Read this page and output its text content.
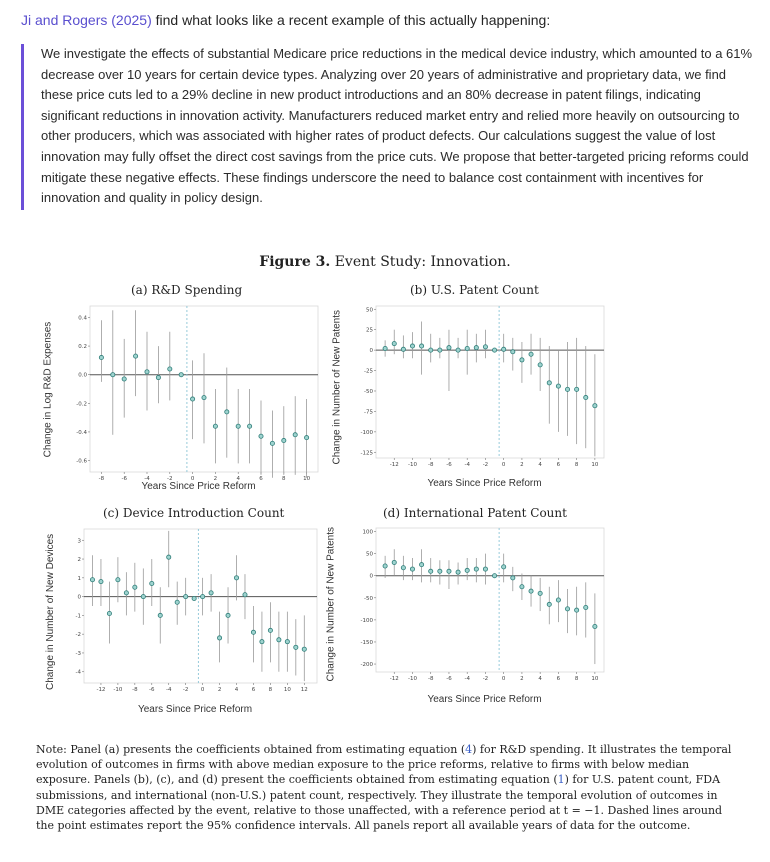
Ji and Rogers (2025) find what looks like a recent example of this actually happening:

We investigate the effects of substantial Medicare price reductions in the medical device industry, which amounted to a 61% decrease over 10 years for certain device types. Analyzing over 20 years of administrative and proprietary data, we find these price cuts led to a 29% decline in new product introductions and an 80% decrease in patent filings, indicating significant reductions in innovation activity. Manufacturers reduced market entry and relied more heavily on outsourcing to other producers, which was associated with higher rates of product defects. Our calculations suggest the value of lost innovation may fully offset the direct cost savings from the price cuts. We propose that better-targeted pricing reforms could mitigate these negative effects. These findings underscore the need to balance cost containment with incentives for innovation and quality in policy design.

Figure 3. Event Study: Innovation.
(a) R&D Spending
Change in Log R&D Expenses
0.4
0.2
0.0
-0.2
-0.4
-0.6
-8	-6	-4	-2	0	2	4	6	8	10
Years Since Price Reform
(b) U.S. Patent Count
Change in Number of New Patents	50
25
0
-25
-50
-75
-100
-125
-12 -10 -8 -6 -4 -2 0	2	4	6	8 10
Years Since Price Reform
(c) Device Introduction Count
Change in Number of New Devices	3
2
1
0
-1
-2
-3
-4
-12 -10 -8 -6 -4 -2 0 2 4 6 8 10 12
Years Since Price Reform
(d) International Patent Count
Change in Number of New Patents	100
50
0
-50
-100
-150
-200
-12 -10 -8 -6 -4 -2 0	2	4	6	8 10
Years Since Price Reform
Note: Panel (a) presents the coefficients obtained from estimating equation (4) for R&D spending. It illustrates the temporal evolution of outcomes in firms with above median exposure to the price reforms, relative to firms with below median exposure. Panels (b), (c), and (d) present the coefficients obtained from estimating equation (1) for U.S. patent count, FDA submissions, and international (non-U.S.) patent count, respectively. They illustrate the temporal evolution of outcomes in DME categories affected by the event, relative to those unaffected, with a reference period at t = −1. Dashed lines around the point estimates report the 95% confidence intervals. All panels report all available years of data for the outcome.
